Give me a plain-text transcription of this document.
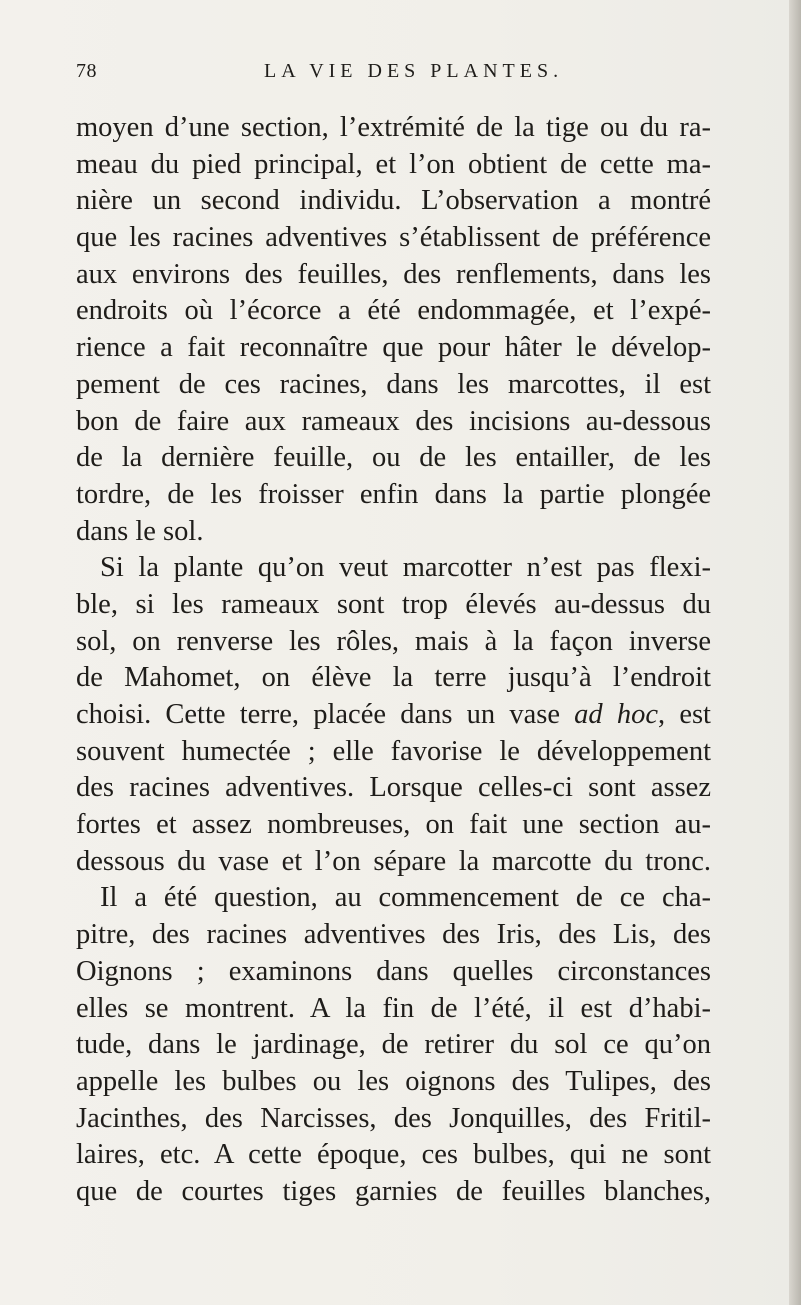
78	LA VIE DES PLANTES.
moyen d’une section, l’extrémité de la tige ou du ra-
meau du pied principal, et l’on obtient de cette ma-
nière un second individu. L’observation a montré
que les racines adventives s’établissent de préférence
aux environs des feuilles, des renflements, dans les
endroits où l’écorce a été endommagée, et l’expé-
rience a fait reconnaître que pour hâter le dévelop-
pement de ces racines, dans les marcottes, il est
bon de faire aux rameaux des incisions au-dessous
de la dernière feuille, ou de les entailler, de les
tordre, de les froisser enfin dans la partie plongée
dans le sol.
Si la plante qu’on veut marcotter n’est pas flexi-
ble, si les rameaux sont trop élevés au-dessus du
sol, on renverse les rôles, mais à la façon inverse
de Mahomet, on élève la terre jusqu’à l’endroit
choisi. Cette terre, placée dans un vase ad hoc, est
souvent humectée ; elle favorise le développement
des racines adventives. Lorsque celles-ci sont assez
fortes et assez nombreuses, on fait une section au-
dessous du vase et l’on sépare la marcotte du tronc.
Il a été question, au commencement de ce cha-
pitre, des racines adventives des Iris, des Lis, des
Oignons ; examinons dans quelles circonstances
elles se montrent. A la fin de l’été, il est d’habi-
tude, dans le jardinage, de retirer du sol ce qu’on
appelle les bulbes ou les oignons des Tulipes, des
Jacinthes, des Narcisses, des Jonquilles, des Fritil-
laires, etc. A cette époque, ces bulbes, qui ne sont
que de courtes tiges garnies de feuilles blanches,
